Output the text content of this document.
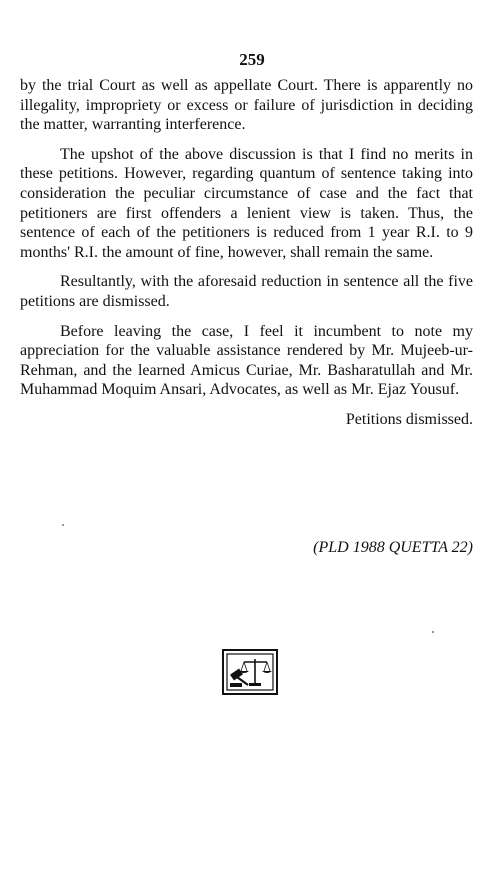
259

by the trial Court as well as appellate Court. There is apparently no illegality, impropriety or excess or failure of jurisdiction in deciding the matter, warranting interference.

The upshot of the above discussion is that I find no merits in these petitions. However, regarding quantum of sentence taking into consideration the peculiar circumstance of case and the fact that petitioners are first offenders a lenient view is taken. Thus, the sentence of each of the petitioners is reduced from 1 year R.I. to 9 months' R.I. the amount of fine, however, shall remain the same.

Resultantly, with the aforesaid reduction in sentence all the five petitions are dismissed.

Before leaving the case, I feel it incumbent to note my appreciation for the valuable assistance rendered by Mr. Mujeeb-ur-Rehman, and the learned Amicus Curiae, Mr. Basharatullah and Mr. Muhammad Moquim Ansari, Advocates, as well as Mr. Ejaz Yousuf.

Petitions dismissed.

(PLD 1988 QUETTA 22)
